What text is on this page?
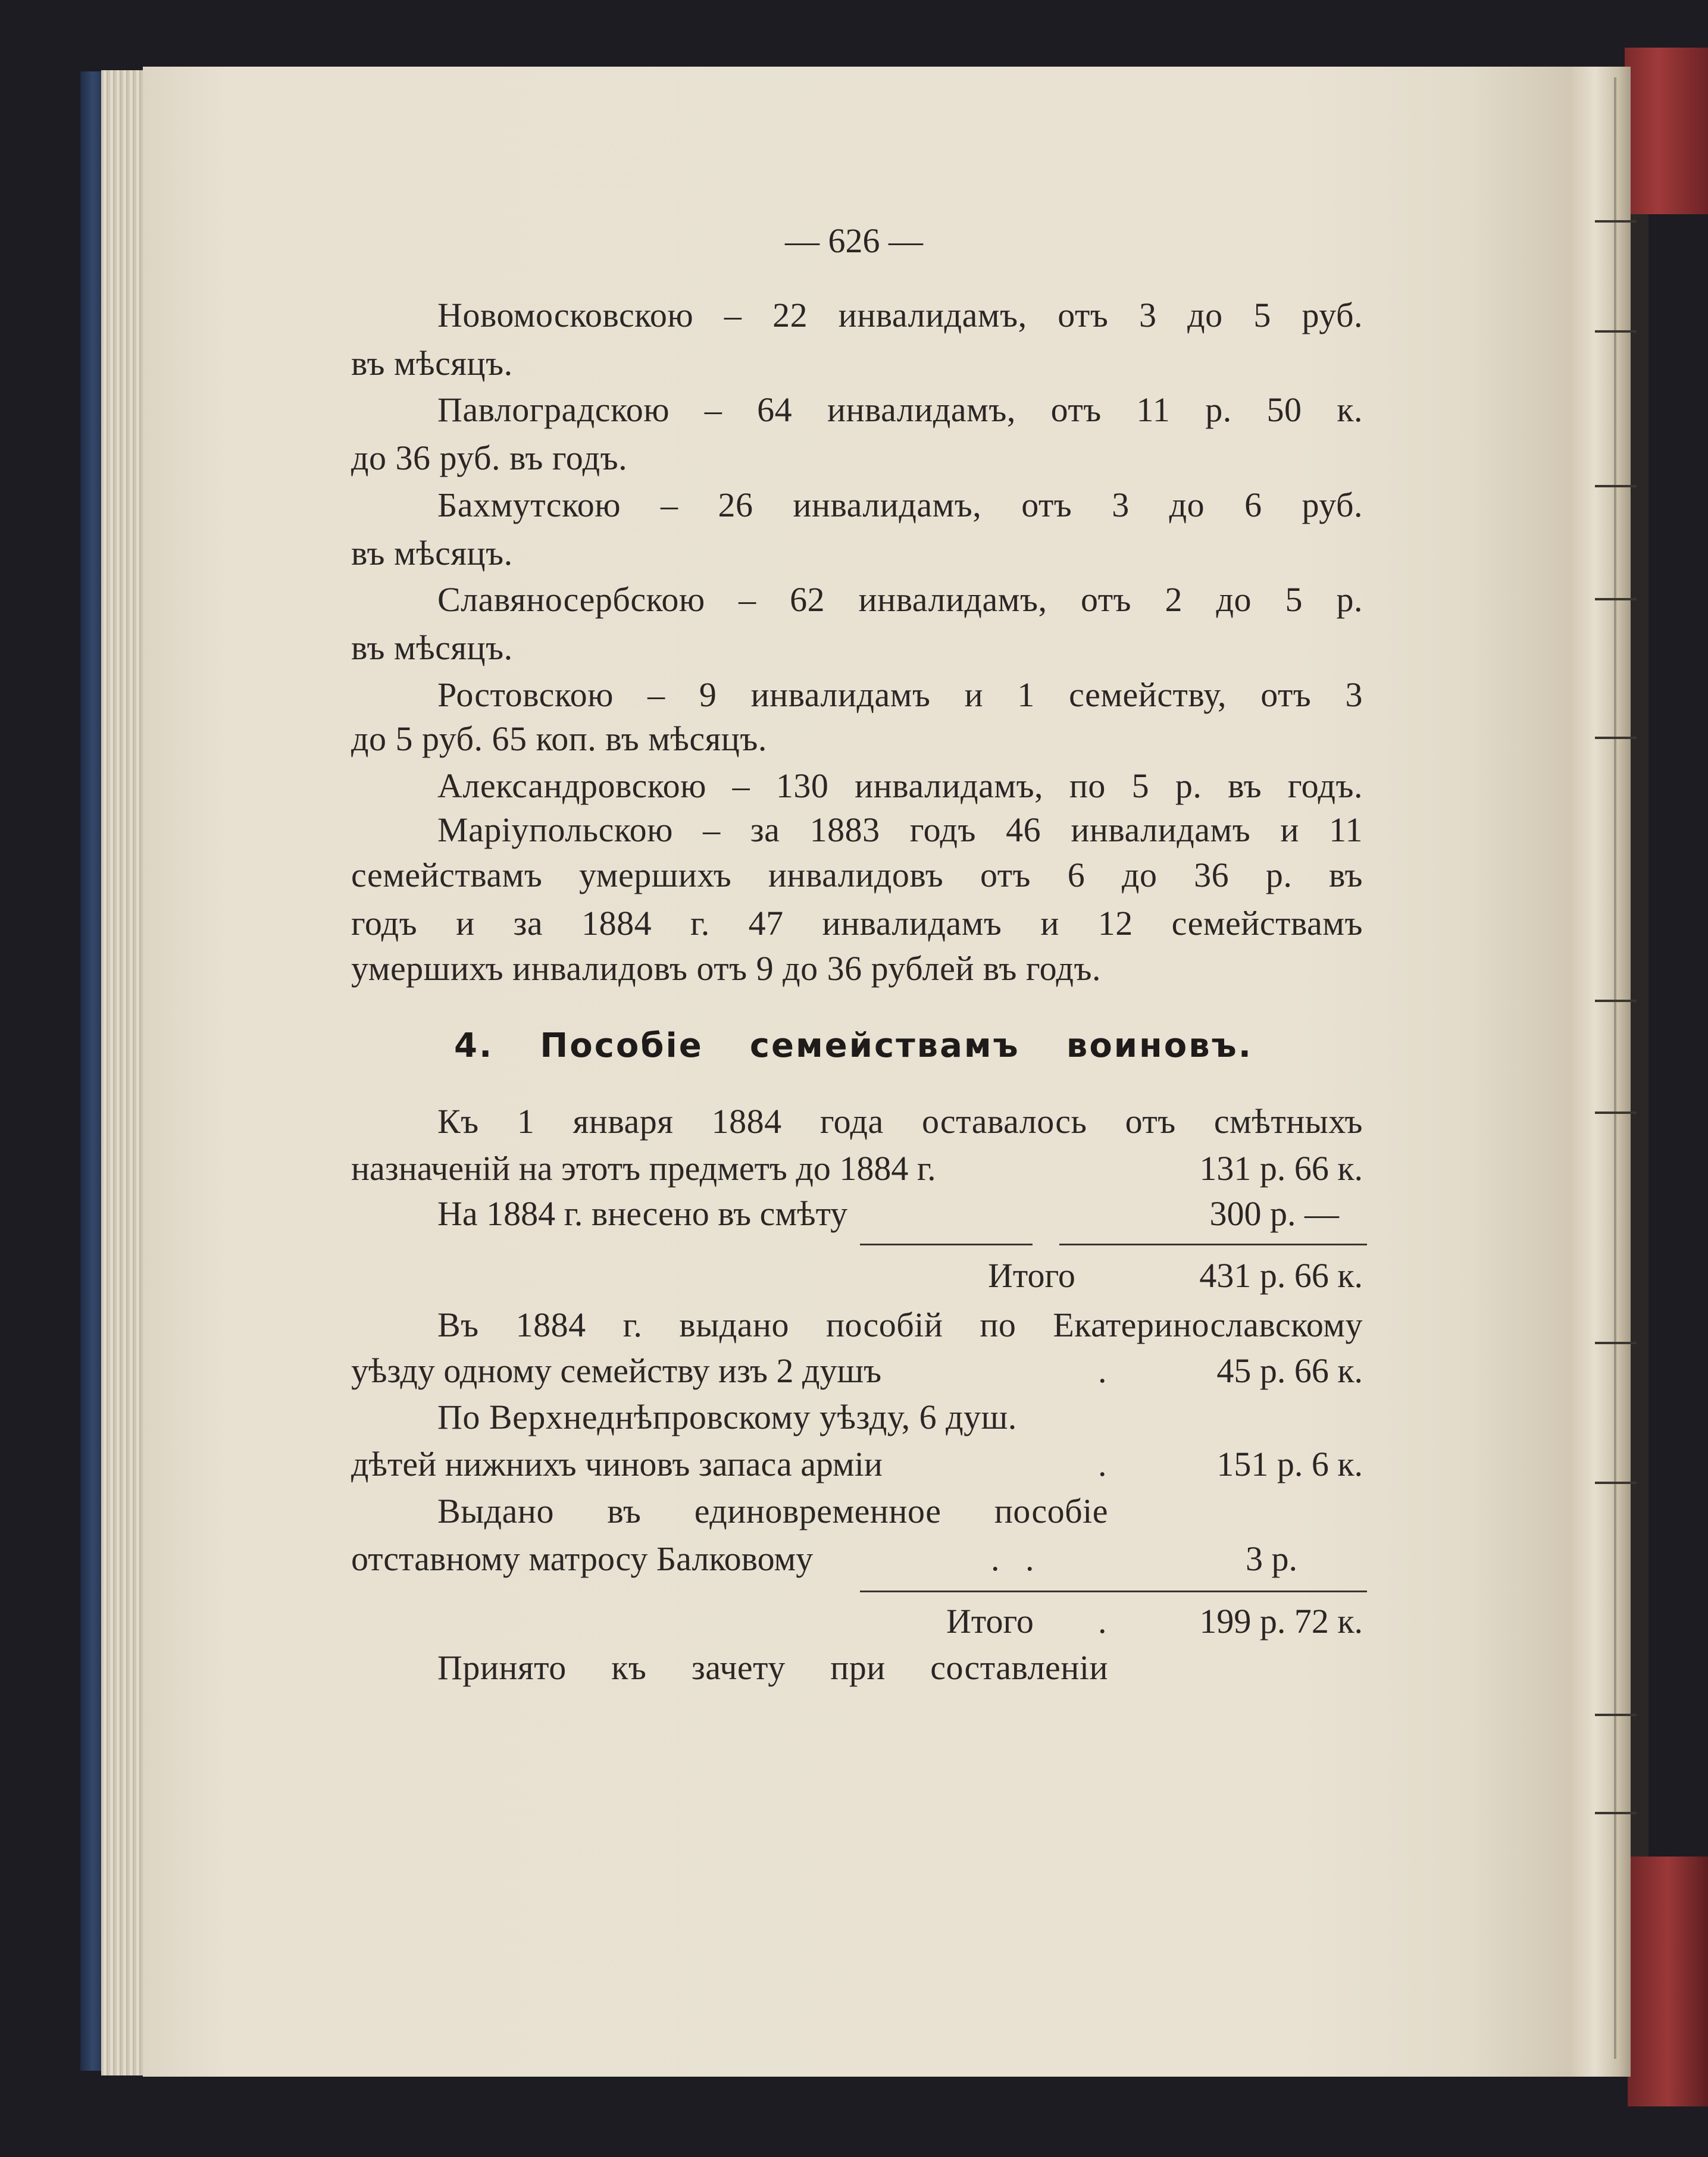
— 626 —
Новомосковскою – 22 инвалидамъ, отъ 3 до 5 руб.
въ мѣсяцъ.
Павлоградскою – 64 инвалидамъ, отъ 11 р. 50 к.
до 36 руб. въ годъ.
Бахмутскою – 26 инвалидамъ, отъ 3 до 6 руб.
въ мѣсяцъ.
Славяносербскою – 62 инвалидамъ, отъ 2 до 5 р.
въ мѣсяцъ.
Ростовскою – 9 инвалидамъ и 1 семейству, отъ 3
до 5 руб. 65 коп. въ мѣсяцъ.
Александровскою – 130 инвалидамъ, по 5 р. въ годъ.
Марiупольскою – за 1883 годъ 46 инвалидамъ и 11
семействамъ умершихъ инвалидовъ отъ 6 до 36 р. въ
годъ и за 1884 г. 47 инвалидамъ и 12 семействамъ
умершихъ инвалидовъ отъ 9 до 36 рублей въ годъ.
4. Пособiе семействамъ воиновъ.
Къ 1 января 1884 года оставалось отъ смѣтныхъ
назначенiй на этотъ предметъ до 1884 г.	131 р. 66 к.
На 1884 г. внесено въ смѣту	300 р. —
Итого	431 р. 66 к.
Въ 1884 г. выдано пособiй по Екатеринославскому
уѣзду одному семейству изъ 2 душъ	.	45 р. 66 к.
По Верхнеднѣпровскому уѣзду, 6 душ.
дѣтей нижнихъ чиновъ запаса армiи	.	151 р. 6 к.
Выдано въ единовременное пособiе
отставному матросу Балковому	.   .	3 р.
Итого .	199 р. 72 к.
Принято къ зачету при составленiи
